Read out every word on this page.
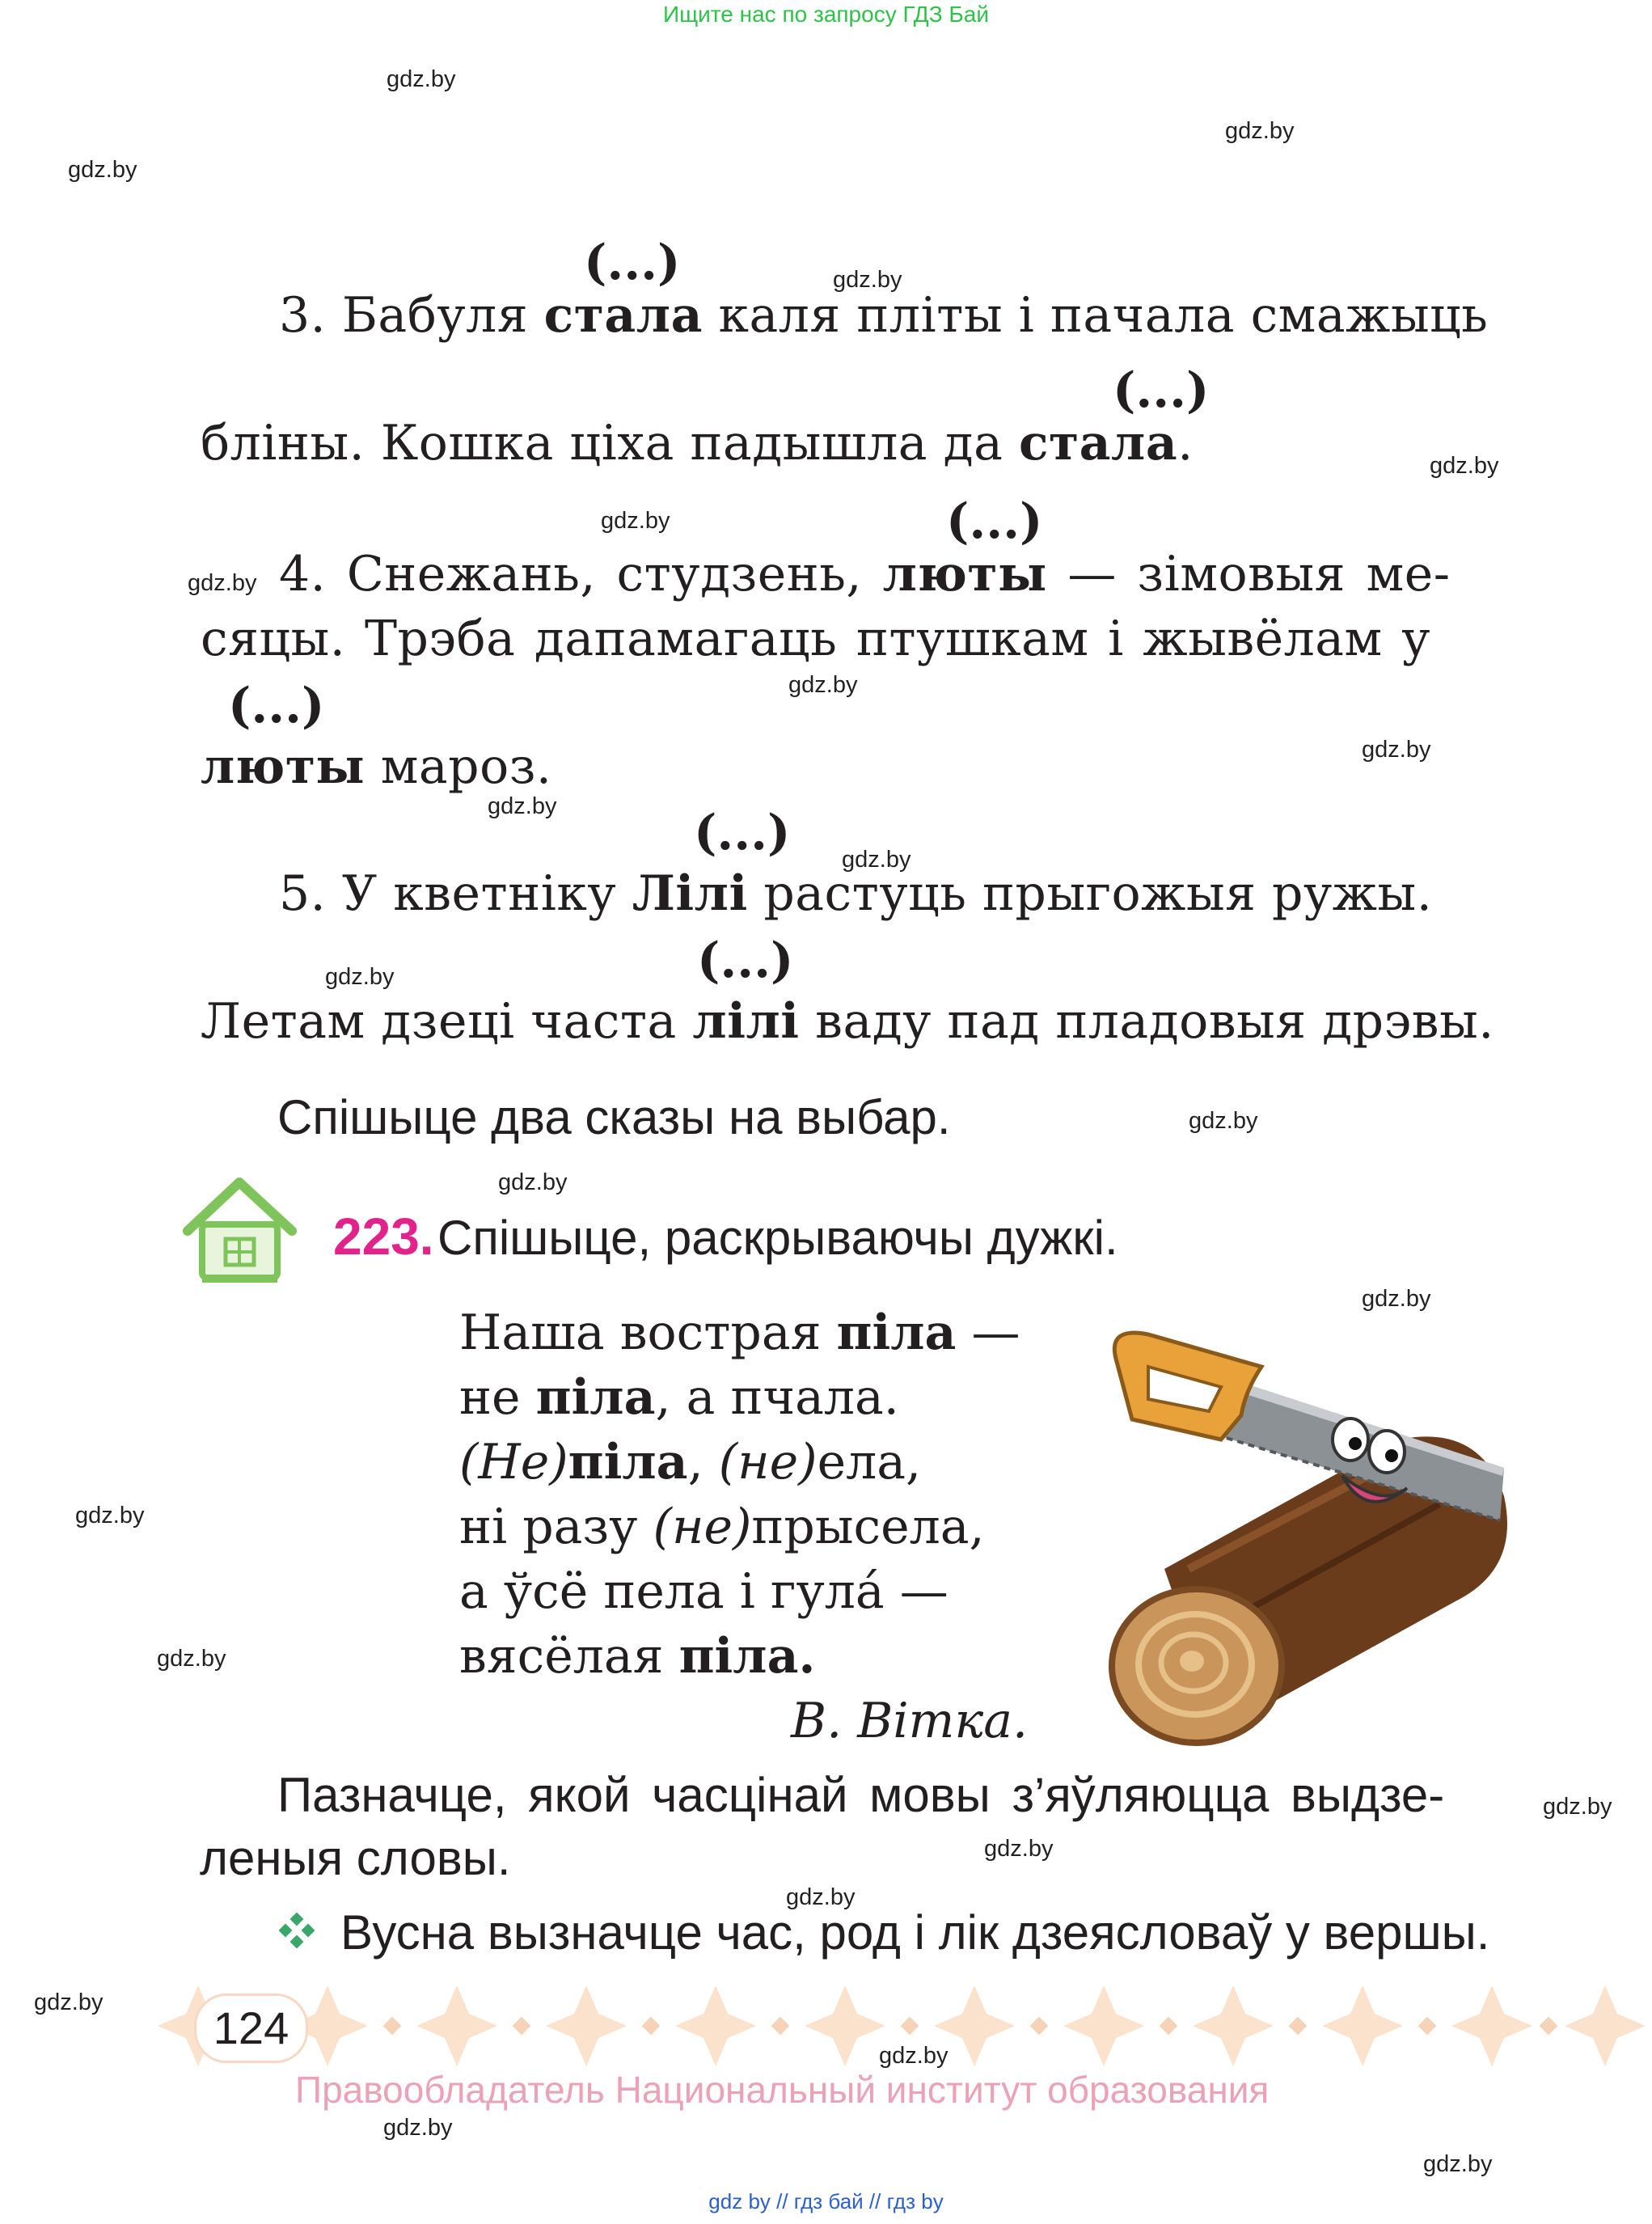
Ищите нас по запросу ГДЗ Бай
gdz.by
gdz.by
gdz.by
gdz.by
gdz.by
gdz.by
gdz.by
gdz.by
gdz.by
gdz.by
gdz.by
gdz.by
gdz.by
gdz.by
gdz.by
gdz.by
gdz.by
gdz.by
gdz.by
gdz.by
gdz.by
gdz.by
gdz.by
gdz.by
(...)
3. Бабуля стала каля пліты і пачала смажыць
(...)
бліны. Кошка ціха падышла да стала.
(...)
4. Снежань, студзень, люты — зімовыя ме-
сяцы. Трэба дапамагаць птушкам і жывёлам у
(...)
люты мароз.
(...)
5. У кветніку Лілі растуць прыгожыя ружы.
(...)
Летам дзеці часта лілі ваду пад пладовыя дрэвы.
Спішыце два сказы на выбар.
223. Спішыце, раскрываючы дужкі.
Наша вострая піла —
не піла, а пчала.
(Не)піла, (не)ела,
ні разу (не)прысела,
а ўсё пела і гула́ —
вясёлая піла.
В. Вітка.
Пазначце, якой часцінай мовы з’яўляюцца выдзе-
леныя словы.
Вусна вызначце час, род і лік дзеясловаў у вершы.
124
Правообладатель Национальный институт образования
gdz by // гдз бай // гдз by
